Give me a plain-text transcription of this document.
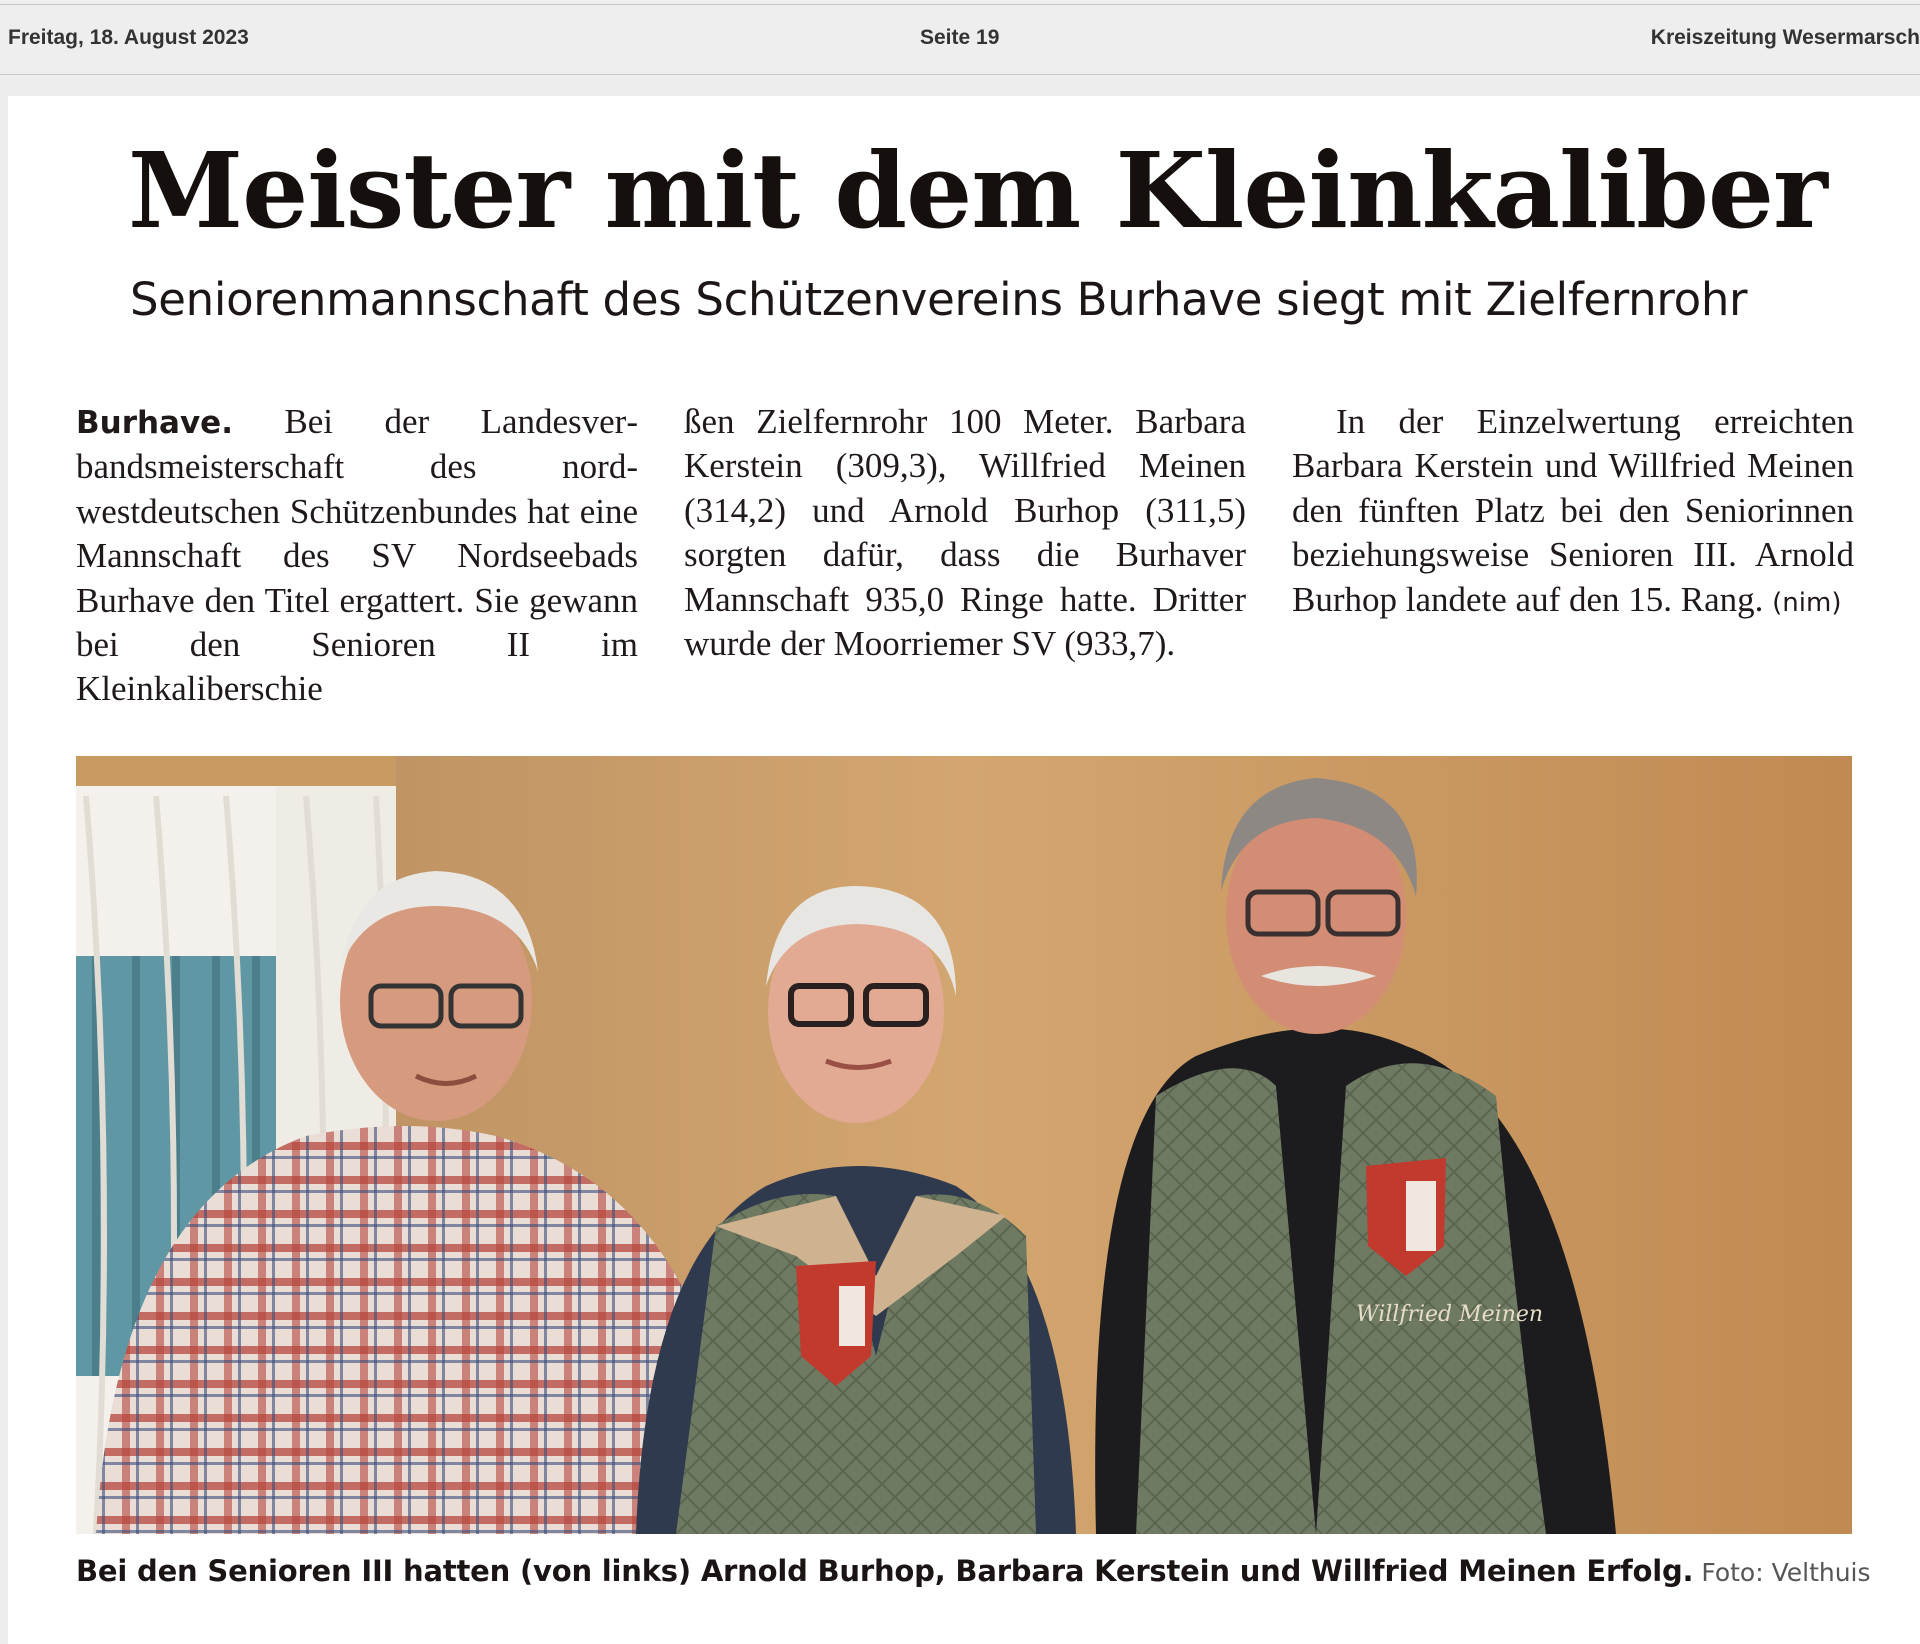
Freitag, 18. August 2023	Seite 19	Kreiszeitung Wesermarsch
Meister mit dem Kleinkaliber
Seniorenmannschaft des Schützenvereins Burhave siegt mit Zielfernrohr
Burhave. Bei der Landesverbandsmeisterschaft des nordwestdeutschen Schützenbundes hat eine Mannschaft des SV Nordseebads Burhave den Titel ergattert. Sie gewann bei den Senioren II im Kleinkaliberschie
ßen Zielfernrohr 100 Meter. Barbara Kerstein (309,3), Willfried Meinen (314,2) und Arnold Burhop (311,5) sorgten dafür, dass die Burhaver Mannschaft 935,0 Ringe hatte. Dritter wurde der Moorriemer SV (933,7).
In der Einzelwertung erreichten Barbara Kerstein und Willfried Meinen den fünften Platz bei den Seniorinnen beziehungsweise Senioren III. Arnold Burhop landete auf den 15. Rang. (nim)
Willfried Meinen
Bei den Senioren III hatten (von links) Arnold Burhop, Barbara Kerstein und Willfried Meinen Erfolg. Foto: Velthuis
